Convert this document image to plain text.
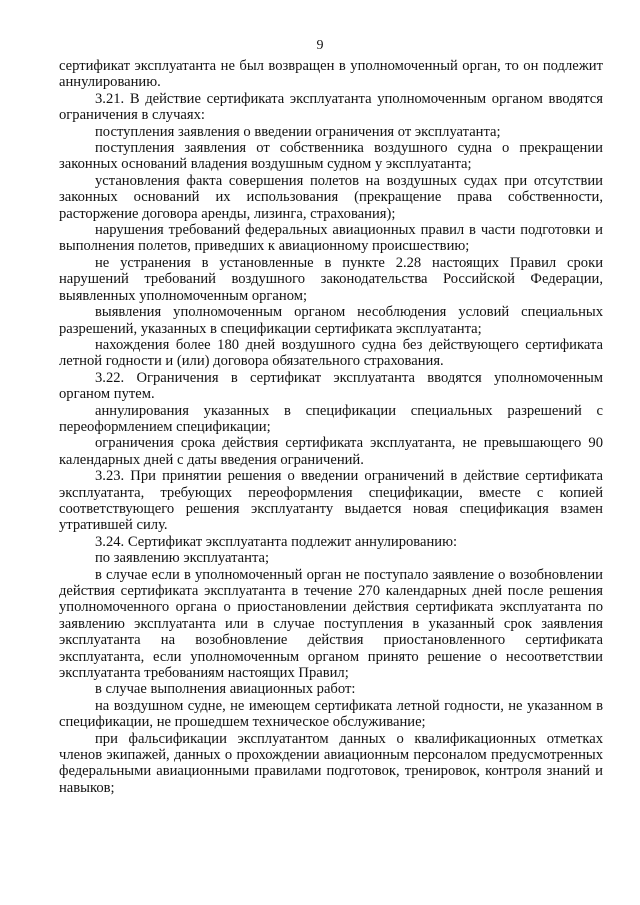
9

сертификат эксплуатанта не был возвращен в уполномоченный орган, то он подлежит аннулированию.

3.21. В действие сертификата эксплуатанта уполномоченным органом вводятся ограничения в случаях:

поступления заявления о введении ограничения от эксплуатанта;

поступления заявления от собственника воздушного судна о прекращении законных оснований владения воздушным судном у эксплуатанта;

установления факта совершения полетов на воздушных судах при отсутствии законных оснований их использования (прекращение права собственности, расторжение договора аренды, лизинга, страхования);

нарушения требований федеральных авиационных правил в части подготовки и выполнения полетов, приведших к авиационному происшествию;

не устранения в установленные в пункте 2.28 настоящих Правил сроки нарушений требований воздушного законодательства Российской Федерации, выявленных уполномоченным органом;

выявления уполномоченным органом несоблюдения условий специальных разрешений, указанных в спецификации сертификата эксплуатанта;

нахождения более 180 дней воздушного судна без действующего сертификата летной годности и (или) договора обязательного страхования.

3.22. Ограничения в сертификат эксплуатанта вводятся уполномоченным органом путем.

аннулирования указанных в спецификации специальных разрешений с переоформлением спецификации;

ограничения срока действия сертификата эксплуатанта, не превышающего 90 календарных дней с даты введения ограничений.

3.23. При принятии решения о введении ограничений в действие сертификата эксплуатанта, требующих переоформления спецификации, вместе с копией соответствующего решения эксплуатанту выдается новая спецификация взамен утратившей силу.

3.24. Сертификат эксплуатанта подлежит аннулированию:

по заявлению эксплуатанта;

в случае если в уполномоченный орган не поступало заявление о возобновлении действия сертификата эксплуатанта в течение 270 календарных дней после решения уполномоченного органа о приостановлении действия сертификата эксплуатанта по заявлению эксплуатанта или в случае поступления в указанный срок заявления эксплуатанта на возобновление действия приостановленного сертификата эксплуатанта, если уполномоченным органом принято решение о несоответствии эксплуатанта требованиям настоящих Правил;

в случае выполнения авиационных работ:

на воздушном судне, не имеющем сертификата летной годности, не указанном в спецификации, не прошедшем техническое обслуживание;

при фальсификации эксплуатантом данных о квалификационных отметках членов экипажей, данных о прохождении авиационным персоналом предусмотренных федеральными авиационными правилами подготовок, тренировок, контроля знаний и навыков;
